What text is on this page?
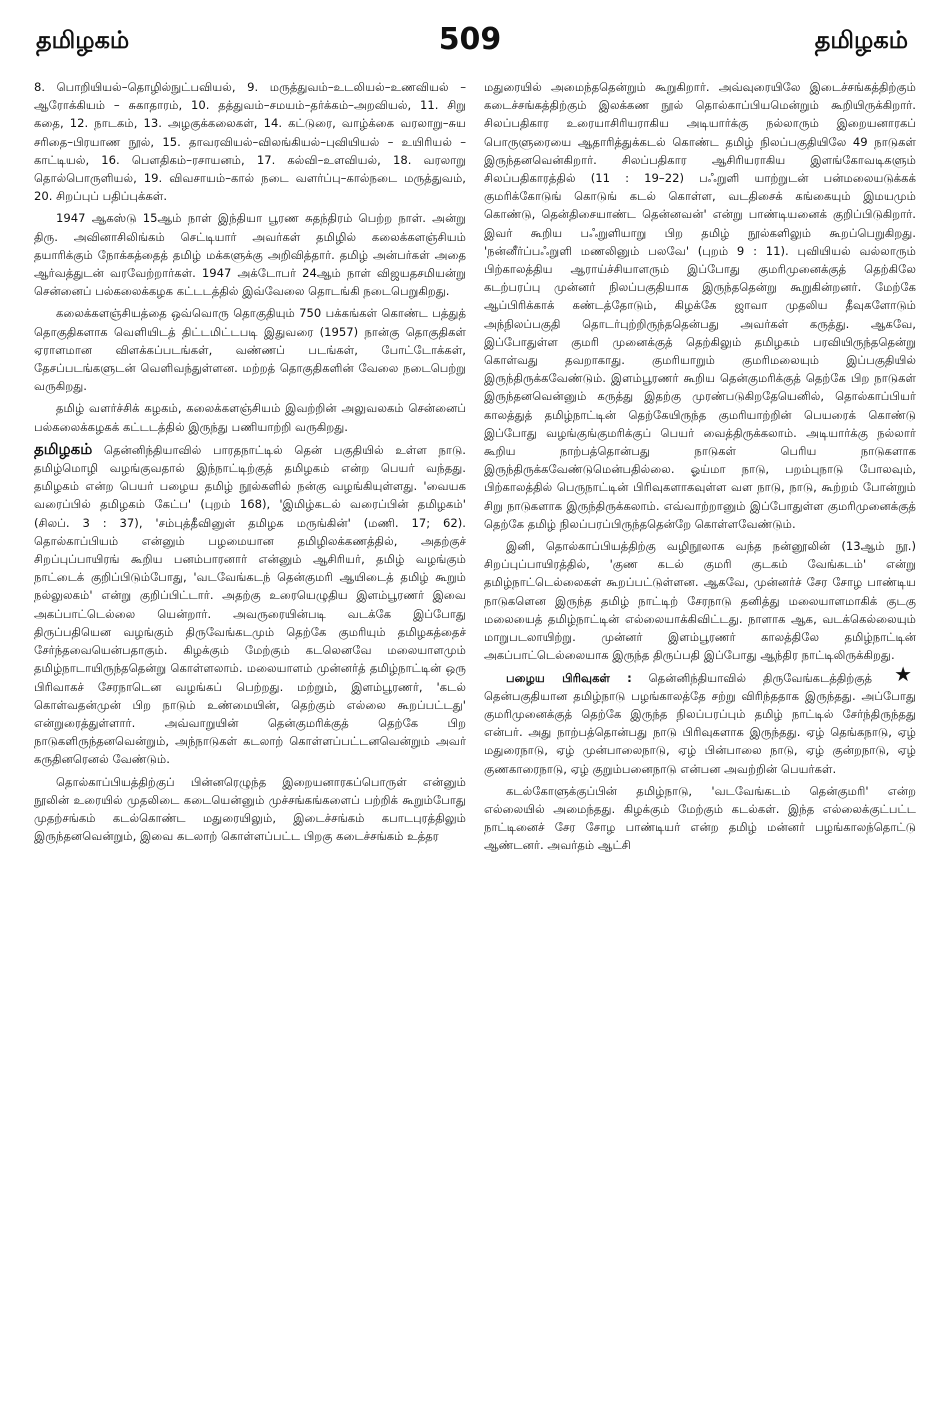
தமிழகம்	509	தமிழகம்

8. பொறியியல்–தொழில்நுட்பவியல், 9. மருத்துவம்–உடலியல்–உணவியல் – ஆரோக்கியம் – சுகாதாரம், 10. தத்துவம்–சமயம்–தர்க்கம்–அறவியல், 11. சிறு கதை, 12. நாடகம், 13. அழகுக்கலைகள், 14. கட்டுரை, வாழ்க்கை வரலாறு–சுய சரிதை–பிரயாண நூல், 15. தாவரவியல்–விலங்கியல்–புவியியல் – உயிரியல் – காட்டியல், 16. பௌதிகம்–ரசாயனம், 17. கல்வி–உளவியல், 18. வரலாறு தொல்பொருளியல், 19. விவசாயம்–கால் நடை வளர்ப்பு–கால்நடை மருத்துவம், 20. சிறப்புப் பதிப்புக்கள்.

1947 ஆகஸ்டு 15ஆம் நாள் இந்தியா பூரண சுதந்திரம் பெற்ற நாள். அன்று திரு. அவினாசிலிங்கம் செட்டியார் அவர்கள் தமிழில் கலைக்களஞ்சியம் தயாரிக்கும் நோக்கத்தைத் தமிழ் மக்களுக்கு அறிவித்தார். தமிழ் அன்பர்கள் அதை ஆர்வத்துடன் வரவேற்றார்கள். 1947 அக்டோபர் 24ஆம் நாள் விஜயதசமியன்று சென்னைப் பல்கலைக்கழக கட்டடத்தில் இவ்வேலை தொடங்கி நடைபெறுகிறது.

கலைக்களஞ்சியத்தை ஒவ்வொரு தொகுதியும் 750 பக்கங்கள் கொண்ட பத்துத் தொகுதிகளாக வெளியிடத் திட்டமிட்டபடி இதுவரை (1957) நான்கு தொகுதிகள் ஏராளமான விளக்கப்படங்கள், வண்ணப் படங்கள், போட்டோக்கள், தேசப்படங்களுடன் வெளிவந்துள்ளன. மற்றத் தொகுதிகளின் வேலை நடைபெற்று வருகிறது.

தமிழ் வளர்ச்சிக் கழகம், கலைக்களஞ்சியம் இவற்றின் அலுவலகம் சென்னைப் பல்கலைக்கழகக் கட்டடத்தில் இருந்து பணியாற்றி வருகிறது.

தமிழகம் தென்னிந்தியாவில் பாரதநாட்டில் தென் பகுதியில் உள்ள நாடு. தமிழ்மொழி வழங்குவதால் இந்நாட்டிற்குத் தமிழகம் என்ற பெயர் வந்தது. தமிழகம் என்ற பெயர் பழைய தமிழ் நூல்களில் நன்கு வழங்கியுள்ளது. 'வையக வரைப்பில் தமிழகம் கேட்ப' (புறம் 168), 'இமிழ்கடல் வரைப்பின் தமிழகம்' (சிலப். 3 : 37), 'சம்புத்தீவினுள் தமிழக மருங்கின்' (மணி. 17; 62). தொல்காப்பியம் என்னும் பழமையான தமிழிலக்கணத்தில், அதற்குச் சிறப்புப்பாயிரங் கூறிய பனம்பாரனார் என்னும் ஆசிரியர், தமிழ் வழங்கும் நாட்டைக் குறிப்பிடும்போது, 'வடவேங்கடந் தென்குமரி ஆயிடைத் தமிழ் கூறும் நல்லுலகம்' என்று குறிப்பிட்டார். அதற்கு உரையெழுதிய இளம்பூரணர் இவை அகப்பாட்டெல்லை யென்றார். அவருரையின்படி வடக்கே இப்போது திருப்பதியென வழங்கும் திருவேங்கடமும் தெற்கே குமரியும் தமிழகத்தைச் சேர்ந்தவையென்பதாகும். கிழக்கும் மேற்கும் கடலெனவே மலையாளமும் தமிழ்நாடாயிருந்ததென்று கொள்ளலாம். மலையாளம் முன்னர்த் தமிழ்நாட்டின் ஒரு பிரிவாகச் சேரநாடென வழங்கப் பெற்றது. மற்றும், இளம்பூரணர், 'கடல் கொள்வதன்முன் பிற நாடும் உண்மையின், தெற்கும் எல்லை கூறப்பட்டது' என்றுரைத்துள்ளார். அவ்வாறுயின் தென்குமரிக்குத் தெற்கே பிற நாடுகளிருந்தனவென்றும், அந்நாடுகள் கடலாற் கொள்ளப்பட்டனவென்றும் அவர் கருதினரெனல் வேண்டும்.

தொல்காப்பியத்திற்குப் பின்னரெழுந்த இறையனாரகப்பொருள் என்னும் நூலின் உரையில் முதலிடை கடையென்னும் முச்சங்கங்களைப் பற்றிக் கூறும்போது முதற்சங்கம் கடல்கொண்ட மதுரையிலும், இடைச்சங்கம் கபாடபுரத்திலும் இருந்தனவென்றும், இவை கடலாற் கொள்ளப்பட்ட பிறகு கடைச்சங்கம் உத்தர

மதுரையில் அமைந்ததென்றும் கூறுகிறார். அவ்வுரையிலே இடைச்சங்கத்திற்கும் கடைச்சங்கத்திற்கும் இலக்கண நூல் தொல்காப்பியமென்றும் கூறியிருக்கிறார். சிலப்பதிகார உரையாசிரியராகிய அடியார்க்கு நல்லாரும் இறையனாரகப் பொருளுரையை ஆதாரித்துக்கடல் கொண்ட தமிழ் நிலப்பகுதியிலே 49 நாடுகள் இருந்தனவென்கிறார். சிலப்பதிகார ஆசிரியராகிய இளங்கோவடிகளும் சிலப்பதிகாரத்தில் (11 : 19–22) பஃறுளி யாற்றுடன் பன்மலையடுக்கக் குமரிக்கோடுங் கொடுங் கடல் கொள்ள, வடதிசைக் கங்கையும் இமயமும் கொண்டு, தென்திசையாண்ட தென்னவன்' என்று பாண்டியனைக் குறிப்பிடுகிறார். இவர் கூறிய பஃறுளியாறு பிற தமிழ் நூல்களிலும் கூறப்பெறுகிறது. 'நன்னீர்ப்பஃறுளி மணலினும் பலவே' (புறம் 9 : 11). புவியியல் வல்லாரும் பிற்காலத்திய ஆராய்ச்சியாளரும் இப்போது குமரிமுனைக்குத் தெற்கிலே கடற்பரப்பு முன்னர் நிலப்பகுதியாக இருந்ததென்று கூறுகின்றனர். மேற்கே ஆப்பிரிக்காக் கண்டத்தோடும், கிழக்கே ஜாவா முதலிய தீவுகளோடும் அந்நிலப்பகுதி தொடர்புற்றிருந்ததென்பது அவர்கள் கருத்து. ஆகவே, இப்போதுள்ள குமரி முனைக்குத் தெற்கிலும் தமிழகம் பரவியிருந்ததென்று கொள்வது தவறாகாது. குமரியாறும் குமரிமலையும் இப்பகுதியில் இருந்திருக்கவேண்டும். இளம்பூரணர் கூறிய தென்குமரிக்குத் தெற்கே பிற நாடுகள் இருந்தனவென்னும் கருத்து இதற்கு முரண்படுகிறதேயெனில், தொல்காப்பியர் காலத்துத் தமிழ்நாட்டின் தெற்கேயிருந்த குமரியாற்றின் பெயரைக் கொண்டு இப்போது வழங்குங்குமரிக்குப் பெயர் வைத்திருக்கலாம். அடியார்க்கு நல்லார் கூறிய நாற்பத்தொன்பது நாடுகள் பெரிய நாடுகளாக இருந்திருக்கவேண்டுமென்பதில்லை. ஓய்மா நாடு, பறம்புநாடு போலவும், பிற்காலத்தில் பெருநாட்டின் பிரிவுகளாகவுள்ள வள நாடு, நாடு, கூற்றம் போன்றும் சிறு நாடுகளாக இருந்திருக்கலாம். எவ்வாற்றானும் இப்போதுள்ள குமரிமுனைக்குத் தெற்கே தமிழ் நிலப்பரப்பிருந்ததென்றே கொள்ளவேண்டும்.

இனி, தொல்காப்பியத்திற்கு வழிநூலாக வந்த நன்னூலின் (13ஆம் நூ.) சிறப்புப்பாயிரத்தில், 'குண கடல் குமரி குடகம் வேங்கடம்' என்று தமிழ்நாட்டெல்லைகள் கூறப்பட்டுள்ளன. ஆகவே, முன்னர்ச் சேர சோழ பாண்டிய நாடுகளென இருந்த தமிழ் நாட்டிற் சேரநாடு தனித்து மலையாளமாகிக் குடகு மலையைத் தமிழ்நாட்டின் எல்லையாக்கிவிட்டது. நாளாக ஆக, வடக்கெல்லையும் மாறுபடலாயிற்று. முன்னர் இளம்பூரணர் காலத்திலே தமிழ்நாட்டின் அகப்பாட்டெல்லையாக இருந்த திருப்பதி இப்போது ஆந்திர நாட்டிலிருக்கிறது.
★

பழைய பிரிவுகள் : தென்னிந்தியாவில் திருவேங்கடத்திற்குத் தென்பகுதியான தமிழ்நாடு பழங்காலத்தே சற்று விரிந்ததாக இருந்தது. அப்போது குமரிமுனைக்குத் தெற்கே இருந்த நிலப்பரப்பும் தமிழ் நாட்டில் சேர்ந்திருந்தது என்பர். அது நாற்பத்தொன்பது நாடு பிரிவுகளாக இருந்தது. ஏழ் தெங்கநாடு, ஏழ் மதுரைநாடு, ஏழ் முன்பாலைநாடு, ஏழ் பின்பாலை நாடு, ஏழ் குன்றநாடு, ஏழ் குணகாரைநாடு, ஏழ் குறும்பனைநாடு என்பன அவற்றின் பெயர்கள்.

கடல்கோளுக்குப்பின் தமிழ்நாடு, 'வடவேங்கடம் தென்குமரி' என்ற எல்லையில் அமைந்தது. கிழக்கும் மேற்கும் கடல்கள். இந்த எல்லைக்குட்பட்ட நாட்டினைச் சேர சோழ பாண்டியர் என்ற தமிழ் மன்னர் பழங்காலந்தொட்டு ஆண்டனர். அவர்தம் ஆட்சி
